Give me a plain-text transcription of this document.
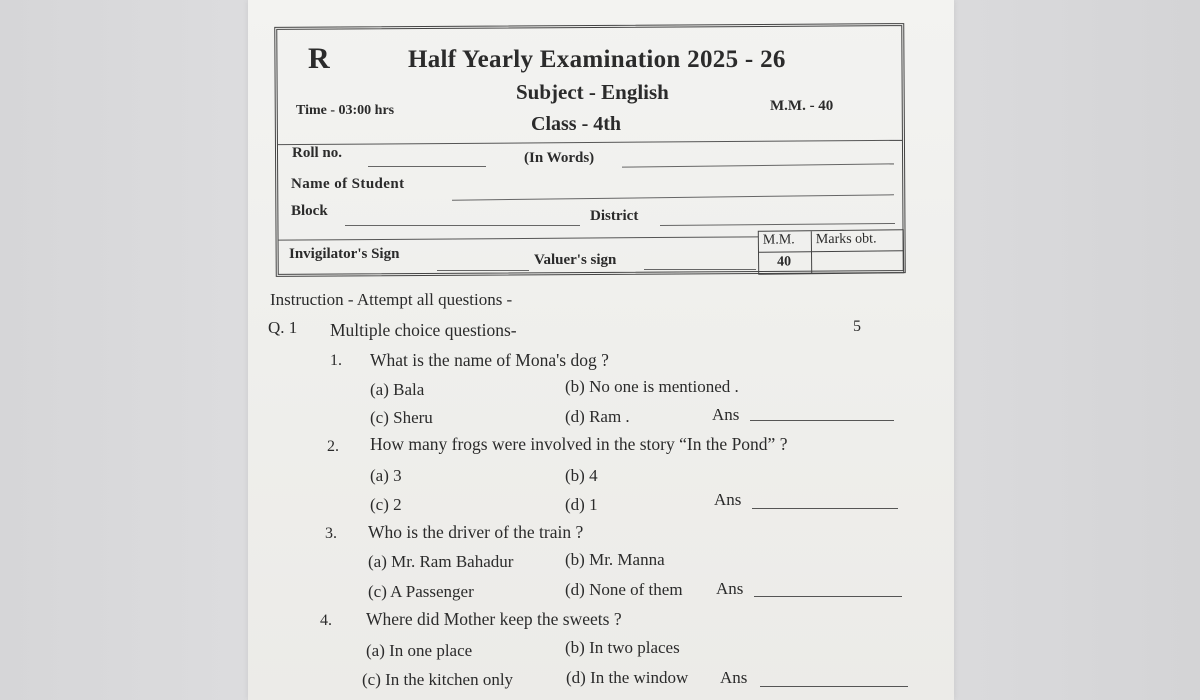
R	Half Yearly Examination 2025 - 26
Subject - English
Class - 4th
Time - 03:00 hrs	M.M. - 40
Roll no.	(In Words)
Name of Student
Block	District
Invigilator's Sign	Valuer's sign
M.M. Marks obt.
40
Instruction - Attempt all questions -
Q. 1 Multiple choice questions-	5
1. What is the name of Mona's dog ?
(a) Bala	(b) No one is mentioned .
(c) Sheru	(d) Ram .	Ans
2. How many frogs were involved in the story “In the Pond” ?
(a) 3	(b) 4
(c) 2	(d) 1	Ans
3. Who is the driver of the train ?
(a) Mr. Ram Bahadur	(b) Mr. Manna
(c) A Passenger	(d) None of them Ans
4. Where did Mother keep the sweets ?
(a) In one place	(b) In two places
(c) In the kitchen only	(d) In the window Ans
